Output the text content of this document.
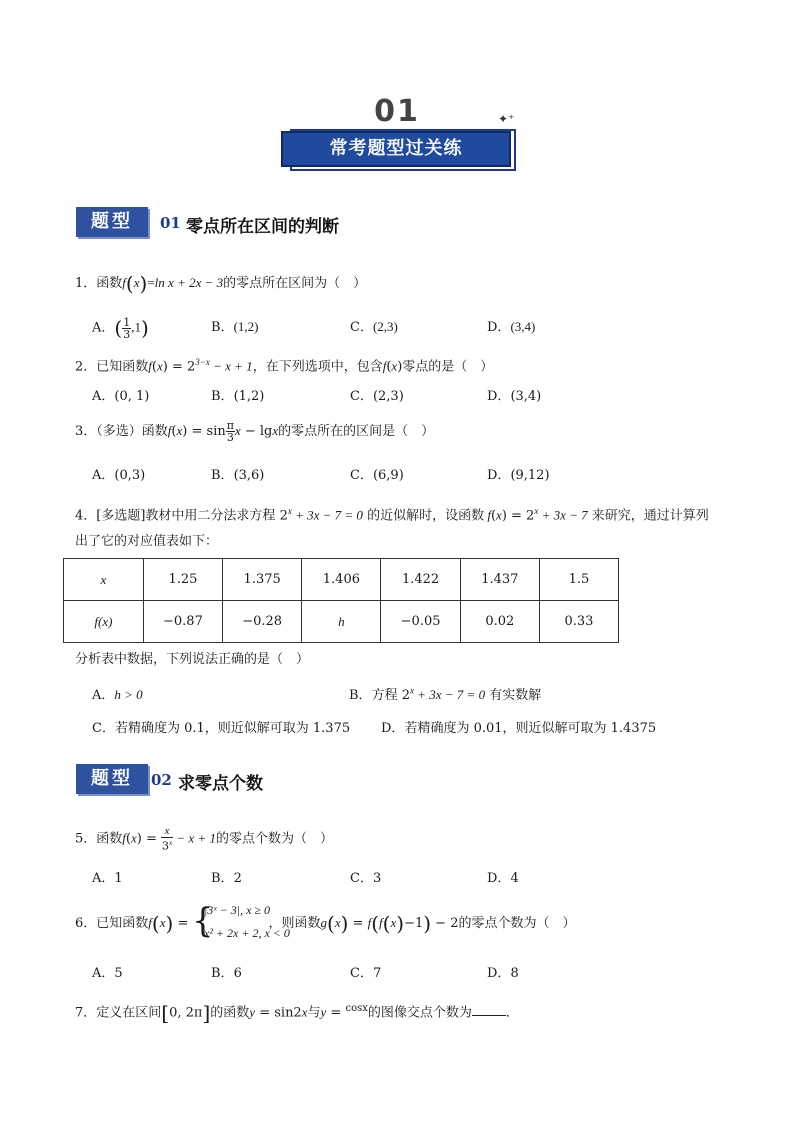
01	✦⁺
常考题型过关练
题型	01 零点所在区间的判断
1．函数f(x)=ln x + 2x − 3的零点所在区间为（　）
A．( $\frac{1}{3} ,1$)	B．(1,2)	C．(2,3)	D．(3,4)
2．已知函数$f(x) = 2^{3-x} - x + 1$，在下列选项中，包含f(x)零点的是（　）
A．(0, 1)	B．(1,2)	C．(2,3)	D．(3,4)
3．（多选）函数$f(x) = \sin \frac{\pi}{3}$ x − lgx的零点所在的区间是（　）
A．(0,3)	B．(3,6)	C．(6,9)	D．(9,12)
4．[多选题]教材中用二分法求方程 $2^x + 3x - 7 = 0$ 的近似解时，设函数 $f(x) = 2^x + 3x - 7$ 来研究，通过计算列
出了它的对应值表如下：
x	1.25	1.375	1.406	1.422	1.437	1.5
f(x)	−0.87	−0.28	h	−0.05	0.02	0.33
分析表中数据，下列说法正确的是（　）
A．h > 0	B．方程 $2^x + 3x - 7 = 0$ 有实数解
C．若精确度为 0.1，则近似解可取为 1.375 D．若精确度为 0.01，则近似解可取为 1.4375
题型	02 求零点个数
5．函数$f(x) = \frac{x}{3^x} - x + 1$的零点个数为（　）
A．1	B．2	C．3	D．4
6．已知函数f(x) =	，则函数g(x) = f(f(x)−1) − 2的零点个数为（　）
{
|3ˣ − 3|, x ≥ 0
x² + 2x + 2, x < 0
A．5	B．6	C．7	D．8
7．定义在区间[0, 2π]的函数y = sin2x与y = $^{cosx}$的图像交点个数为	．
